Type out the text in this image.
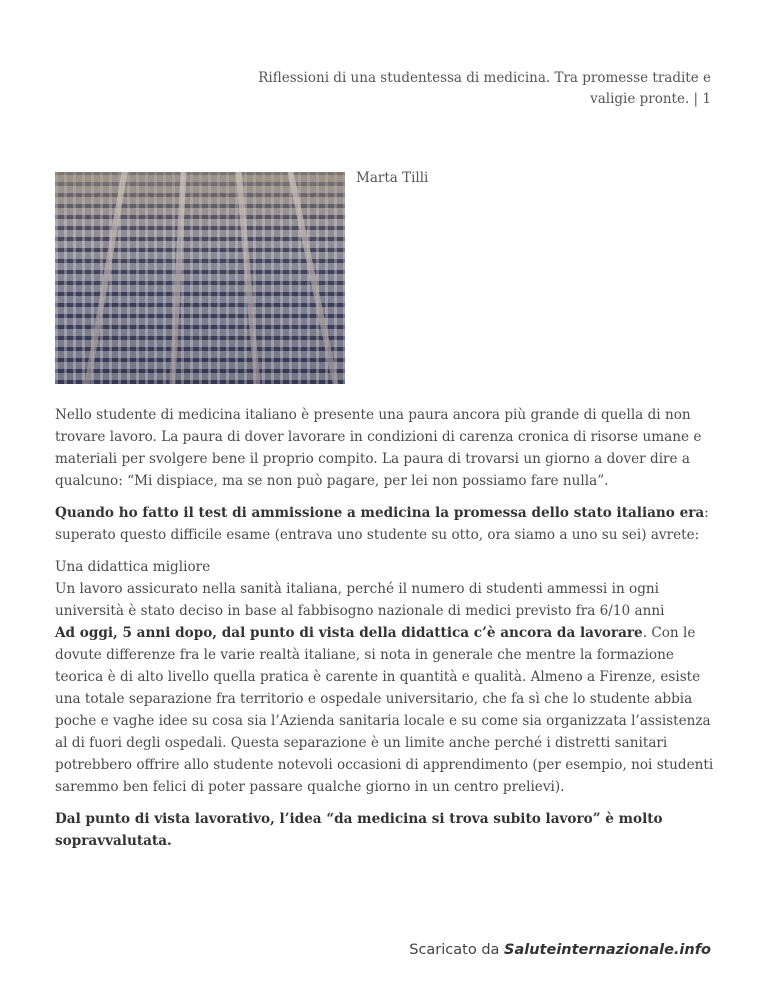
Riflessioni di una studentessa di medicina. Tra promesse tradite e
valigie pronte. | 1
Marta Tilli

Nello studente di medicina italiano è presente una paura ancora più grande di quella di non trovare lavoro. La paura di dover lavorare in condizioni di carenza cronica di risorse umane e materiali per svolgere bene il proprio compito. La paura di trovarsi un giorno a dover dire a qualcuno: “Mi dispiace, ma se non può pagare, per lei non possiamo fare nulla”.

Quando ho fatto il test di ammissione a medicina la promessa dello stato italiano era: superato questo difficile esame (entrava uno studente su otto, ora siamo a uno su sei) avrete:

Una didattica migliore
Un lavoro assicurato nella sanità italiana, perché il numero di studenti ammessi in ogni università è stato deciso in base al fabbisogno nazionale di medici previsto fra 6/10 anni
Ad oggi, 5 anni dopo, dal punto di vista della didattica c’è ancora da lavorare. Con le dovute differenze fra le varie realtà italiane, si nota in generale che mentre la formazione teorica è di alto livello quella pratica è carente in quantità e qualità. Almeno a Firenze, esiste una totale separazione fra territorio e ospedale universitario, che fa sì che lo studente abbia poche e vaghe idee su cosa sia l’Azienda sanitaria locale e su come sia organizzata l’assistenza al di fuori degli ospedali. Questa separazione è un limite anche perché i distretti sanitari potrebbero offrire allo studente notevoli occasioni di apprendimento (per esempio, noi studenti saremmo ben felici di poter passare qualche giorno in un centro prelievi).

Dal punto di vista lavorativo, l’idea “da medicina si trova subito lavoro” è molto sopravvalutata.

Scaricato da Saluteinternazionale.info
